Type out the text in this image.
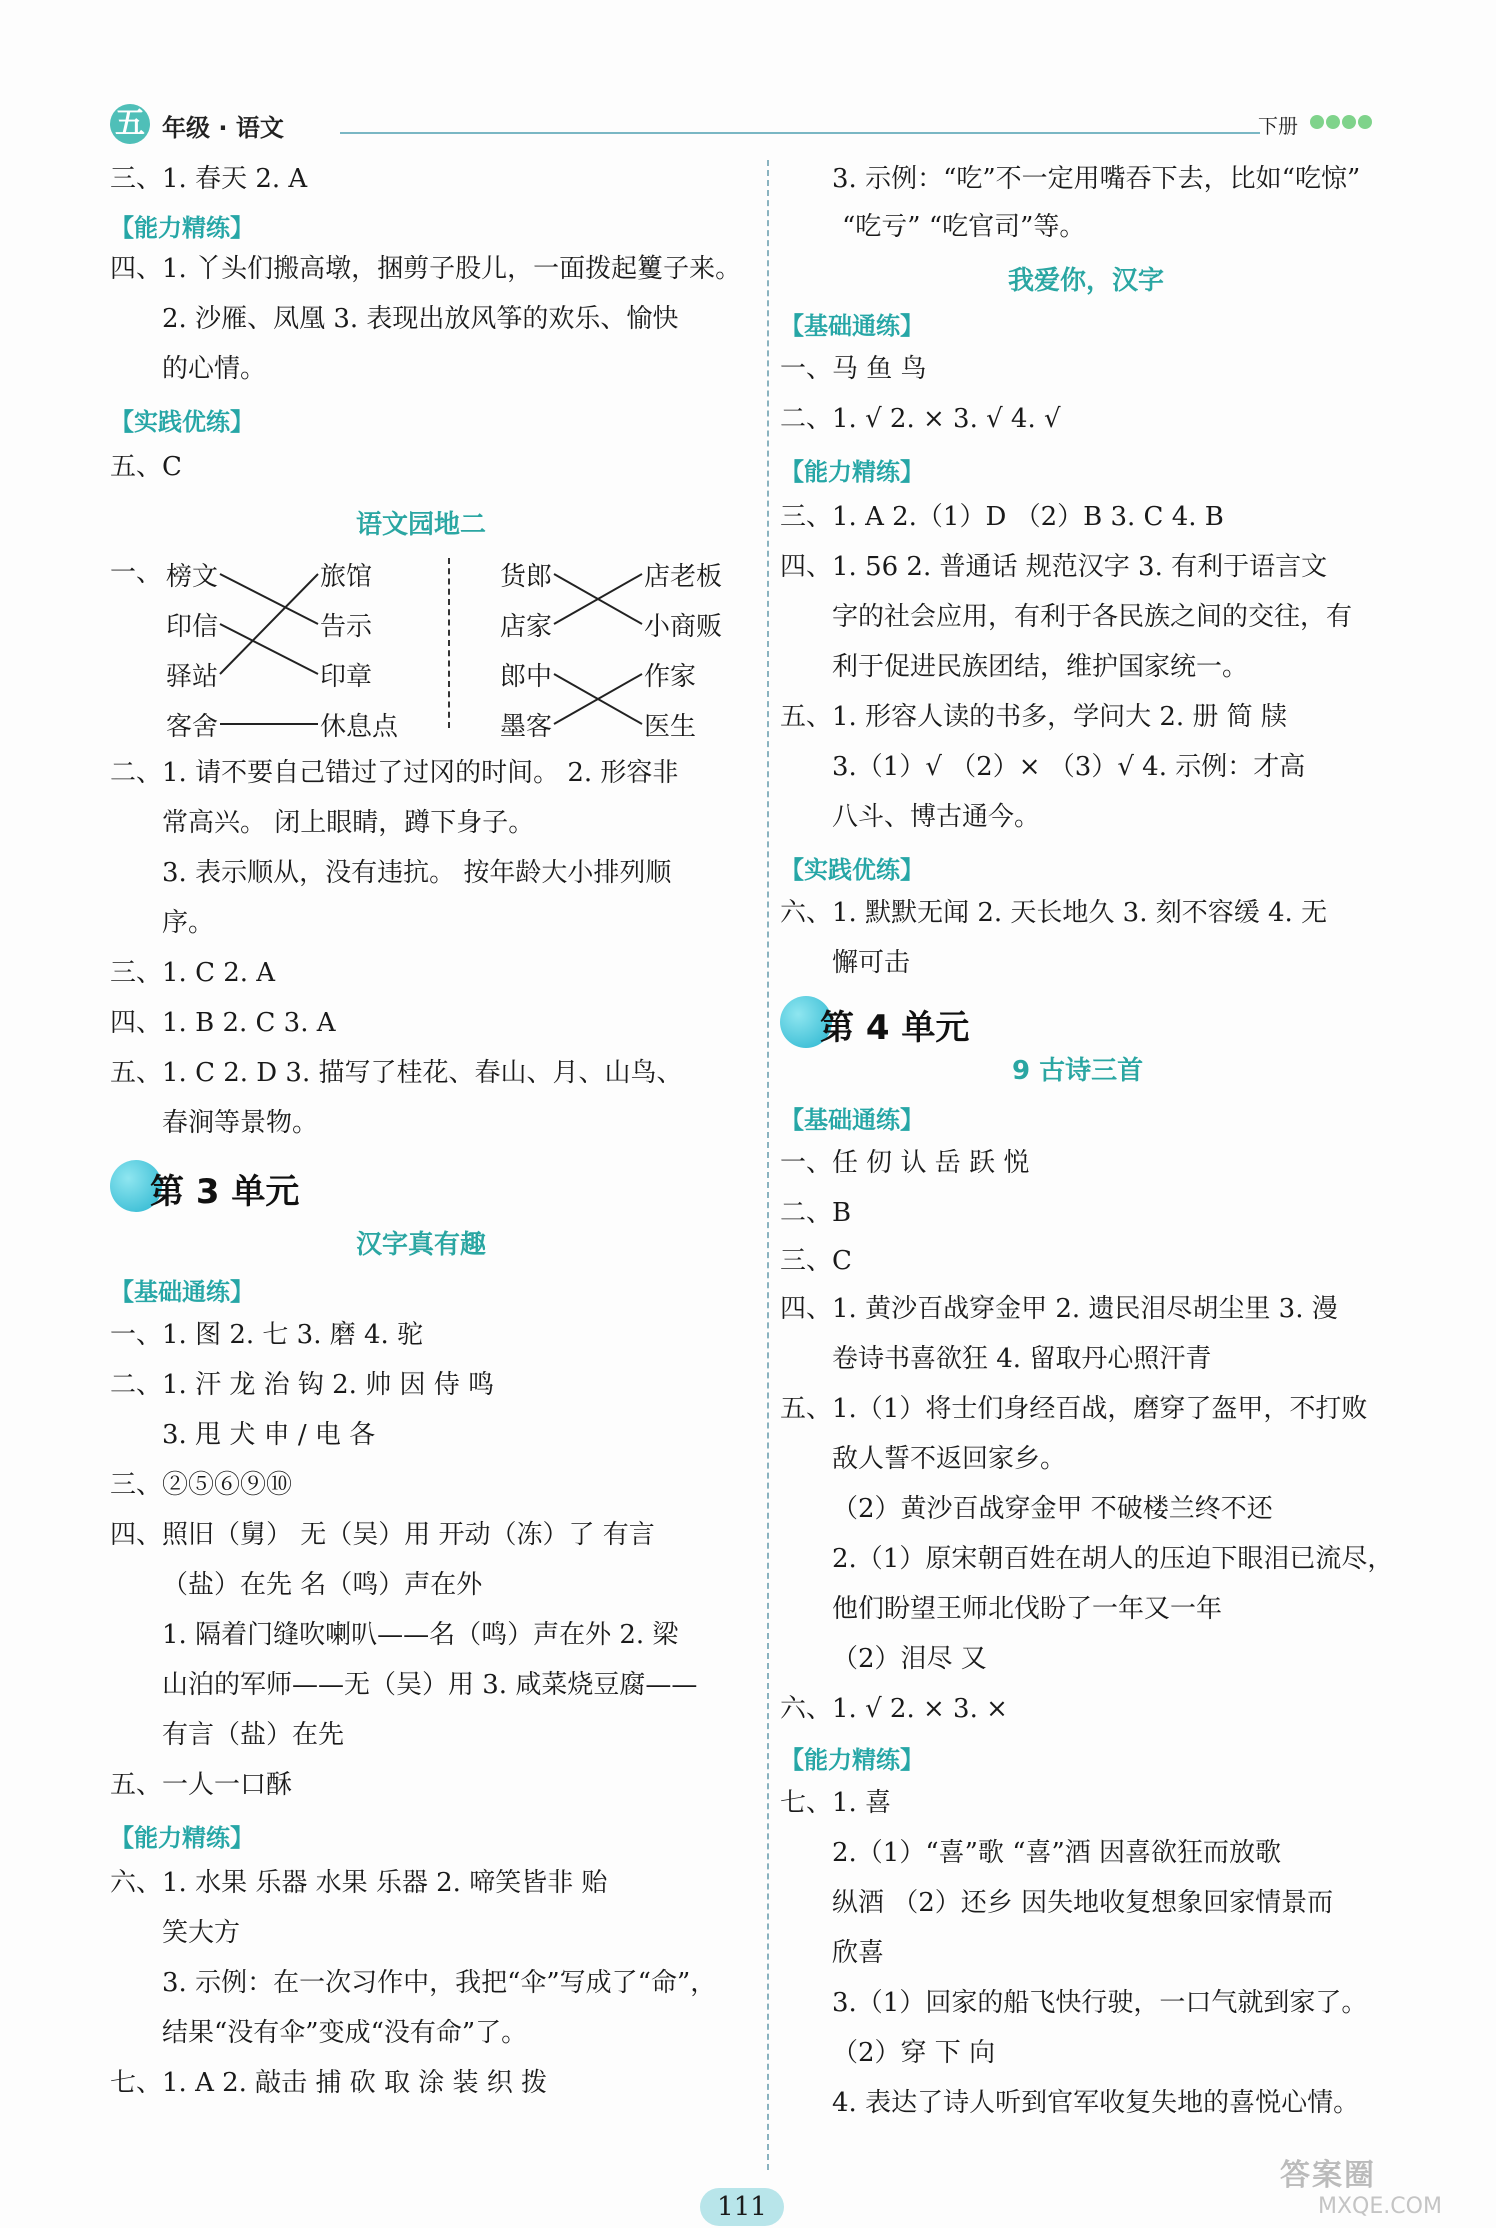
五 年级 · 语文	下册
三、1. 春天 2. A
【能力精练】
四、1. 丫头们搬高墩，捆剪子股儿，一面拨起籰子来。
2. 沙雁、凤凰 3. 表现出放风筝的欢乐、愉快
的心情。
【实践优练】
五、C
语文园地二
一、 榜文
印信
驿站
客舍
旅馆
告示
印章
休息点
货郎
店家
郎中
墨客
店老板
小商贩
作家
医生
二、1. 请不要自己错过了过冈的时间。 2. 形容非
常高兴。 闭上眼睛，蹲下身子。
3. 表示顺从，没有违抗。 按年龄大小排列顺
序。
三、1. C 2. A
四、1. B 2. C 3. A
五、1. C 2. D 3. 描写了桂花、春山、月、山鸟、
春涧等景物。
第 3 单元
汉字真有趣
【基础通练】
一、1. 图 2. 七 3. 磨 4. 驼
二、1. 汗 龙 治 钩 2. 帅 因 侍 鸣
3. 甩 犬 申 / 电 各
三、②⑤⑥⑨⑩
四、照旧（舅） 无（吴）用 开动（冻）了 有言
（盐）在先 名（鸣）声在外
1. 隔着门缝吹喇叭——名（鸣）声在外 2. 梁
山泊的军师——无（吴）用 3. 咸菜烧豆腐——
有言（盐）在先
五、一人一口酥
【能力精练】
六、1. 水果 乐器 水果 乐器 2. 啼笑皆非 贻
笑大方
3. 示例：在一次习作中，我把“伞”写成了“命”，
结果“没有伞”变成“没有命”了。
七、1. A 2. 敲击 捕 砍 取 涂 装 织 拨
3. 示例：“吃”不一定用嘴吞下去，比如“吃惊”
“吃亏” “吃官司”等。
我爱你，汉字
【基础通练】
一、马 鱼 鸟
二、1. √ 2. × 3. √ 4. √
【能力精练】
三、1. A 2.（1）D （2）B 3. C 4. B
四、1. 56 2. 普通话 规范汉字 3. 有利于语言文
字的社会应用，有利于各民族之间的交往，有
利于促进民族团结，维护国家统一。
五、1. 形容人读的书多，学问大 2. 册 简 牍
3.（1）√ （2）× （3）√ 4. 示例：才高
八斗、博古通今。
【实践优练】
六、1. 默默无闻 2. 天长地久 3. 刻不容缓 4. 无
懈可击
第 4 单元
9 古诗三首
【基础通练】
一、任 仞 认 岳 跃 悦
二、B
三、C
四、1. 黄沙百战穿金甲 2. 遗民泪尽胡尘里 3. 漫
卷诗书喜欲狂 4. 留取丹心照汗青
五、1.（1）将士们身经百战，磨穿了盔甲，不打败
敌人誓不返回家乡。
（2）黄沙百战穿金甲 不破楼兰终不还
2.（1）原宋朝百姓在胡人的压迫下眼泪已流尽，
他们盼望王师北伐盼了一年又一年
（2）泪尽 又
六、1. √ 2. × 3. ×
【能力精练】
七、1. 喜
2.（1）“喜”歌 “喜”酒 因喜欲狂而放歌
纵酒 （2）还乡 因失地收复想象回家情景而
欣喜
3.（1）回家的船飞快行驶，一口气就到家了。
（2）穿 下 向
4. 表达了诗人听到官军收复失地的喜悦心情。
111
答案圈
MXQE.COM
